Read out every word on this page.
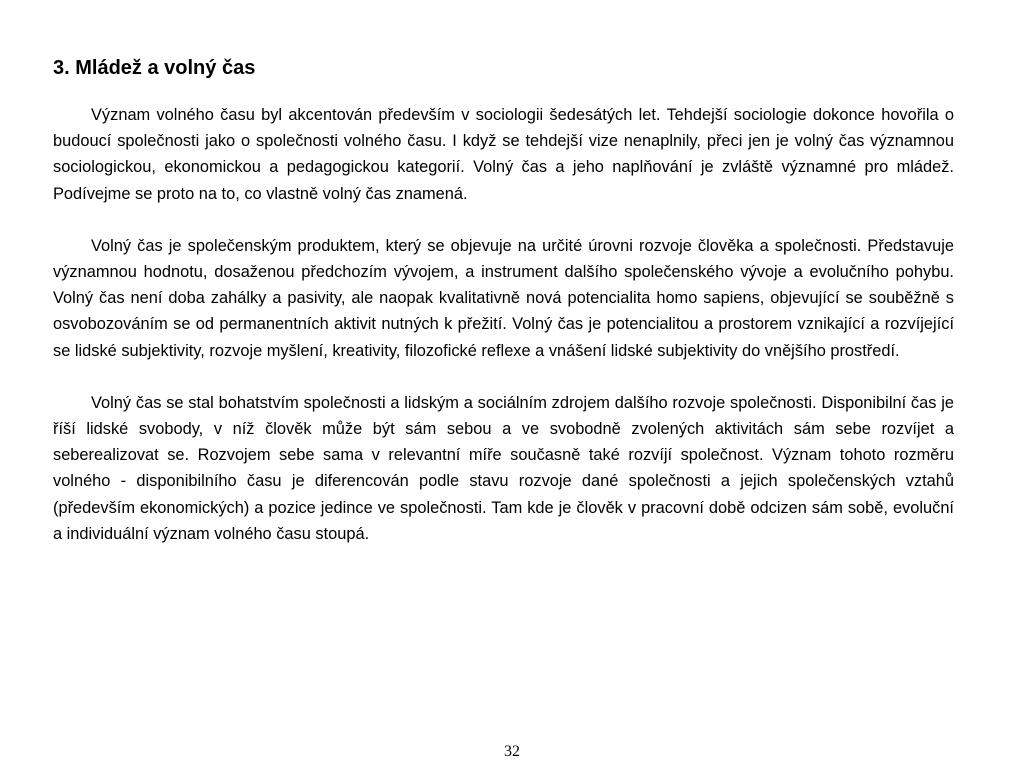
3. Mládež a volný čas

Význam volného času byl akcentován především v sociologii šedesátých let. Tehdejší sociologie dokonce hovořila o budoucí společnosti jako o společnosti volného času. I když se tehdejší vize nenaplnily, přeci jen je volný čas významnou sociologickou, ekonomickou a pedagogickou kategorií. Volný čas a jeho naplňování je zvláště významné pro mládež. Podívejme se proto na to, co vlastně volný čas znamená.

Volný čas je společenským produktem, který se objevuje na určité úrovni rozvoje člověka a společnosti. Představuje významnou hodnotu, dosaženou předchozím vývojem, a instrument dalšího společenského vývoje a evolučního pohybu. Volný čas není doba zahálky a pasivity, ale naopak kvalitativně nová potencialita homo sapiens, objevující se souběžně s osvobozováním se od permanentních aktivit nutných k přežití. Volný čas je potencialitou a prostorem vznikající a rozvíjející se lidské subjektivity, rozvoje myšlení, kreativity, filozofické reflexe a vnášení lidské subjektivity do vnějšího prostředí.

Volný čas se stal bohatstvím společnosti a lidským a sociálním zdrojem dalšího rozvoje společnosti. Disponibilní čas je říší lidské svobody, v níž člověk může být sám sebou a ve svobodně zvolených aktivitách sám sebe rozvíjet a seberealizovat se. Rozvojem sebe sama v relevantní míře současně také rozvíjí společnost. Význam tohoto rozměru volného - disponibilního času je diferencován podle stavu rozvoje dané společnosti a jejich společenských vztahů (především ekonomických) a pozice jedince ve společnosti. Tam kde je člověk v pracovní době odcizen sám sobě, evoluční a individuální význam volného času stoupá.

32
